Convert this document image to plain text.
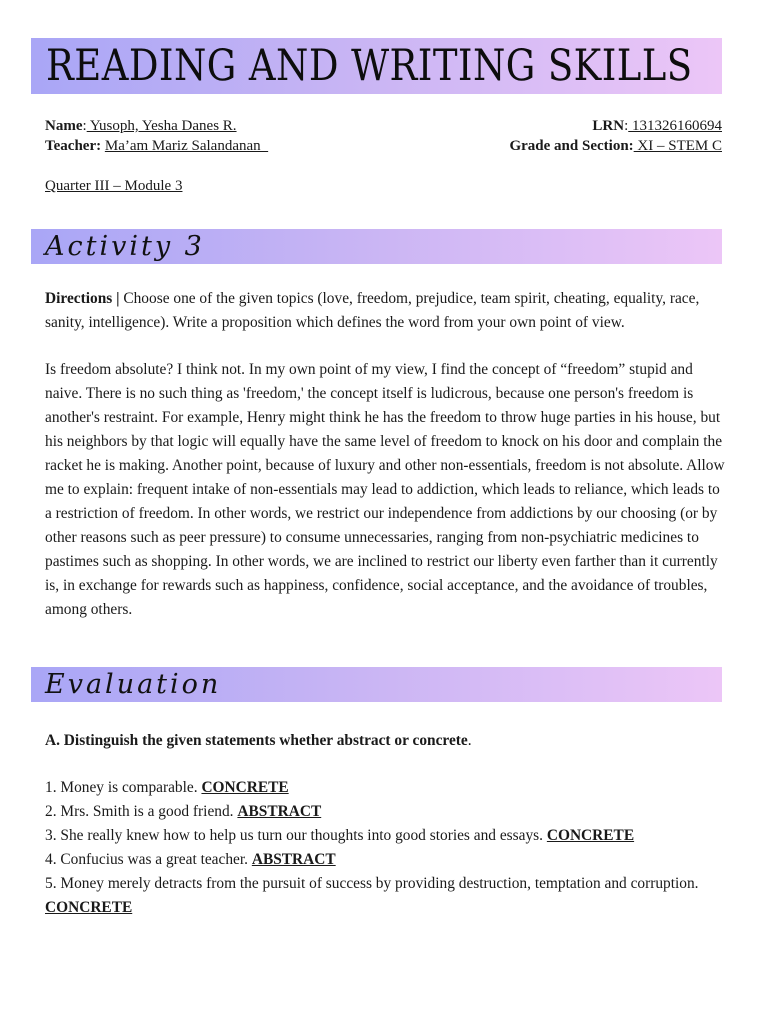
READING AND WRITING SKILLS
Name: Yusoph, Yesha Danes R.
Teacher: Ma’am Mariz Salandanan
LRN: 131326160694
Grade and Section: XI – STEM C
Quarter III – Module 3
Activity 3

Directions | Choose one of the given topics (love, freedom, prejudice, team spirit, cheating, equality, race, sanity, intelligence). Write a proposition which defines the word from your own point of view.

Is freedom absolute? I think not. In my own point of my view, I find the concept of “freedom” stupid and naive. There is no such thing as 'freedom,' the concept itself is ludicrous, because one person's freedom is another's restraint. For example, Henry might think he has the freedom to throw huge parties in his house, but his neighbors by that logic will equally have the same level of freedom to knock on his door and complain the racket he is making. Another point, because of luxury and other non-essentials, freedom is not absolute. Allow me to explain: frequent intake of non-essentials may lead to addiction, which leads to reliance, which leads to a restriction of freedom. In other words, we restrict our independence from addictions by our choosing (or by other reasons such as peer pressure) to consume unnecessaries, ranging from non-psychiatric medicines to pastimes such as shopping. In other words, we are inclined to restrict our liberty even farther than it currently is, in exchange for rewards such as happiness, confidence, social acceptance, and the avoidance of troubles, among others.

Evaluation
A. Distinguish the given statements whether abstract or concrete.
1. Money is comparable. CONCRETE
2. Mrs. Smith is a good friend. ABSTRACT
3. She really knew how to help us turn our thoughts into good stories and essays. CONCRETE
4. Confucius was a great teacher. ABSTRACT
5. Money merely detracts from the pursuit of success by providing destruction, temptation and corruption. CONCRETE
